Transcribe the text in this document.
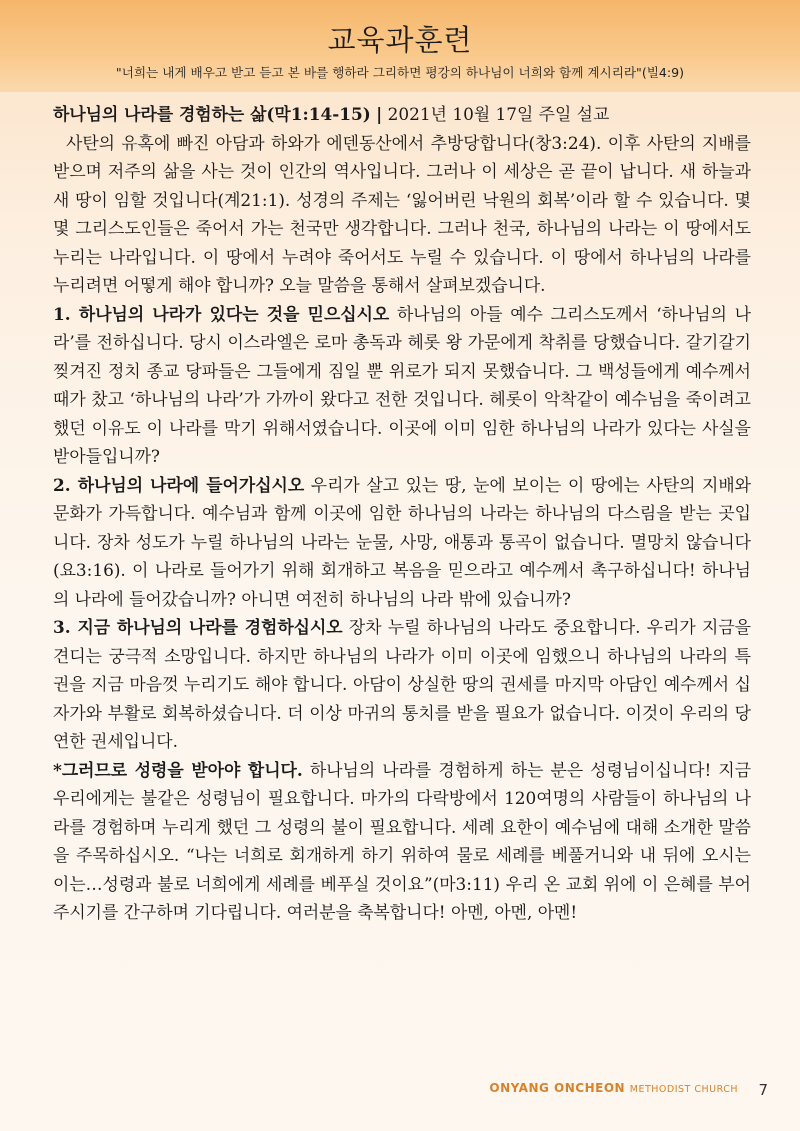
교육과훈련
"너희는 내게 배우고 받고 듣고 본 바를 행하라 그리하면 평강의 하나님이 너희와 함께 계시리라"(빌4:9)

하나님의 나라를 경험하는 삶(막1:14-15) | 2021년 10월 17일 주일 설교

사탄의 유혹에 빠진 아담과 하와가 에덴동산에서 추방당합니다(창3:24). 이후 사탄의 지배를 받으며 저주의 삶을 사는 것이 인간의 역사입니다. 그러나 이 세상은 곧 끝이 납니다. 새 하늘과 새 땅이 임할 것입니다(계21:1). 성경의 주제는 ‘잃어버린 낙원의 회복’이라 할 수 있습니다. 몇몇 그리스도인들은 죽어서 가는 천국만 생각합니다. 그러나 천국, 하나님의 나라는 이 땅에서도 누리는 나라입니다. 이 땅에서 누려야 죽어서도 누릴 수 있습니다. 이 땅에서 하나님의 나라를 누리려면 어떻게 해야 합니까? 오늘 말씀을 통해서 살펴보겠습니다.

1. 하나님의 나라가 있다는 것을 믿으십시오 하나님의 아들 예수 그리스도께서 ‘하나님의 나라’를 전하십니다. 당시 이스라엘은 로마 총독과 헤롯 왕 가문에게 착취를 당했습니다. 갈기갈기 찢겨진 정치 종교 당파들은 그들에게 짐일 뿐 위로가 되지 못했습니다. 그 백성들에게 예수께서 때가 찼고 ‘하나님의 나라’가 가까이 왔다고 전한 것입니다. 헤롯이 악착같이 예수님을 죽이려고 했던 이유도 이 나라를 막기 위해서였습니다. 이곳에 이미 임한 하나님의 나라가 있다는 사실을 받아들입니까?

2. 하나님의 나라에 들어가십시오 우리가 살고 있는 땅, 눈에 보이는 이 땅에는 사탄의 지배와 문화가 가득합니다. 예수님과 함께 이곳에 임한 하나님의 나라는 하나님의 다스림을 받는 곳입니다. 장차 성도가 누릴 하나님의 나라는 눈물, 사망, 애통과 통곡이 없습니다. 멸망치 않습니다(요3:16). 이 나라로 들어가기 위해 회개하고 복음을 믿으라고 예수께서 촉구하십니다! 하나님의 나라에 들어갔습니까? 아니면 여전히 하나님의 나라 밖에 있습니까?

3. 지금 하나님의 나라를 경험하십시오 장차 누릴 하나님의 나라도 중요합니다. 우리가 지금을 견디는 궁극적 소망입니다. 하지만 하나님의 나라가 이미 이곳에 임했으니 하나님의 나라의 특권을 지금 마음껏 누리기도 해야 합니다. 아담이 상실한 땅의 권세를 마지막 아담인 예수께서 십자가와 부활로 회복하셨습니다. 더 이상 마귀의 통치를 받을 필요가 없습니다. 이것이 우리의 당연한 권세입니다.

*그러므로 성령을 받아야 합니다. 하나님의 나라를 경험하게 하는 분은 성령님이십니다! 지금 우리에게는 불같은 성령님이 필요합니다. 마가의 다락방에서 120여명의 사람들이 하나님의 나라를 경험하며 누리게 했던 그 성령의 불이 필요합니다. 세례 요한이 예수님에 대해 소개한 말씀을 주목하십시오. “나는 너희로 회개하게 하기 위하여 물로 세례를 베풀거니와 내 뒤에 오시는 이는…성령과 불로 너희에게 세례를 베푸실 것이요”(마3:11) 우리 온 교회 위에 이 은혜를 부어주시기를 간구하며 기다립니다. 여러분을 축복합니다! 아멘, 아멘, 아멘!

ONYANG ONCHEON METHODIST CHURCH 7
